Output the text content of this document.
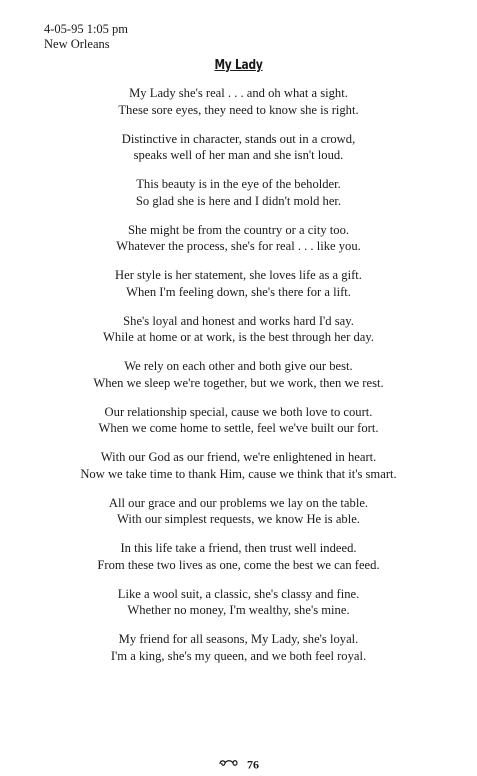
4-05-95 1:05 pm
New Orleans
My Lady
My Lady she's real . . . and oh what a sight.
These sore eyes, they need to know she is right.
Distinctive in character, stands out in a crowd,
speaks well of her man and she isn't loud.
This beauty is in the eye of the beholder.
So glad she is here and I didn't mold her.
She might be from the country or a city too.
Whatever the process, she's for real . . . like you.
Her style is her statement, she loves life as a gift.
When I'm feeling down, she's there for a lift.
She's loyal and honest and works hard I'd say.
While at home or at work, is the best through her day.
We rely on each other and both give our best.
When we sleep we're together, but we work, then we rest.
Our relationship special, cause we both love to court.
When we come home to settle, feel we've built our fort.
With our God as our friend, we're enlightened in heart.
Now we take time to thank Him, cause we think that it's smart.
All our grace and our problems we lay on the table.
With our simplest requests, we know He is able.
In this life take a friend, then trust well indeed.
From these two lives as one, come the best we can feed.
Like a wool suit, a classic, she's classy and fine.
Whether no money, I'm wealthy, she's mine.
My friend for all seasons, My Lady, she's loyal.
I'm a king, she's my queen, and we both feel royal.
76
